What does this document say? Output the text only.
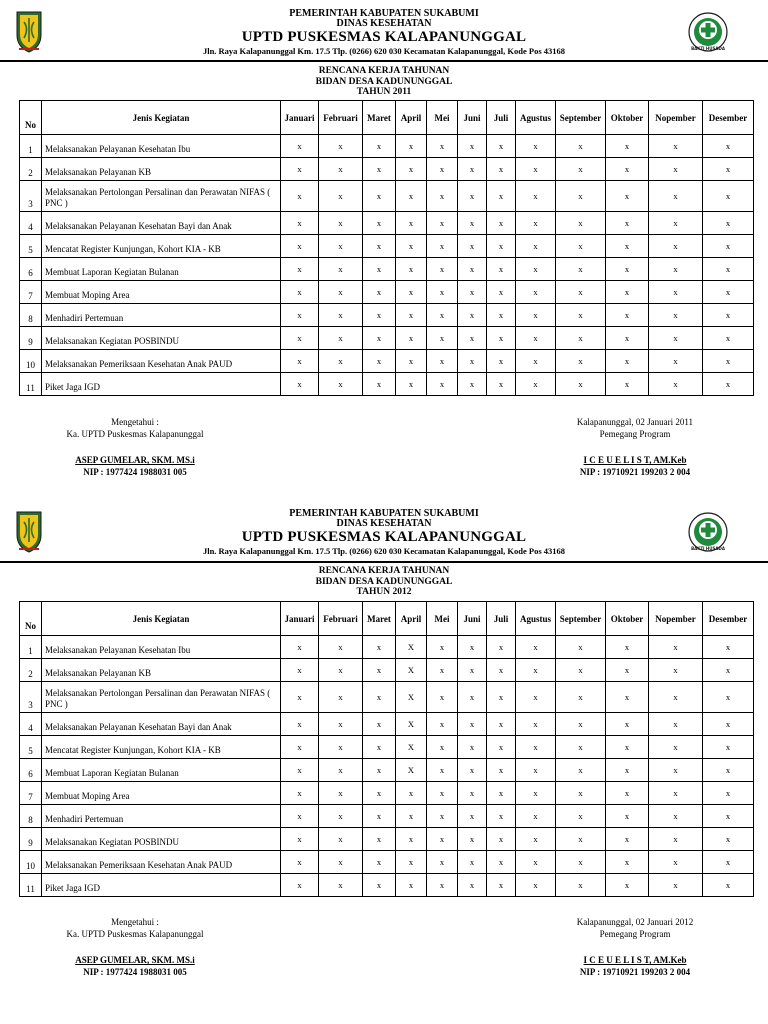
PEMERINTAH KABUPATEN SUKABUMI
DINAS KESEHATAN
UPTD PUSKESMAS KALAPANUNGGAL
Jln. Raya Kalapanunggal Km. 17.5 Tlp. (0266) 620 030 Kecamatan Kalapanunggal, Kode Pos 43168	BAKTI HUSADA
RENCANA KERJA TAHUNAN
BIDAN DESA KADUNUNGGAL
TAHUN 2011
No	Jenis Kegiatan	Januari	Februari	Maret	April	Mei	Juni	Juli	Agustus	September	Oktober	Nopember	Desember
1	Melaksanakan Pelayanan Kesehatan Ibu	x	x	x	x	x	x	x	x	x	x	x	x
2	Melaksanakan Pelayanan KB	x	x	x	x	x	x	x	x	x	x	x	x
3	Melaksanakan Pertolongan Persalinan dan Perawatan NIFAS ( PNC )	x	x	x	x	x	x	x	x	x	x	x	x
4	Melaksanakan Pelayanan Kesehatan Bayi dan Anak	x	x	x	x	x	x	x	x	x	x	x	x
5	Mencatat Register Kunjungan, Kohort KIA - KB	x	x	x	x	x	x	x	x	x	x	x	x
6	Membuat Laporan Kegiatan Bulanan	x	x	x	x	x	x	x	x	x	x	x	x
7	Membuat Moping Area	x	x	x	x	x	x	x	x	x	x	x	x
8	Menhadiri Pertemuan	x	x	x	x	x	x	x	x	x	x	x	x
9	Melaksanakan Kegiatan POSBINDU	x	x	x	x	x	x	x	x	x	x	x	x
10	Melaksanakan Pemeriksaan Kesehatan Anak PAUD	x	x	x	x	x	x	x	x	x	x	x	x
11	Piket Jaga IGD	x	x	x	x	x	x	x	x	x	x	x	x
Mengetahui :
Ka. UPTD Puskesmas Kalapanunggal
ASEP GUMELAR, SKM. MS.i
NIP : 1977424 1988031 005
Kalapanunggal, 02 Januari 2011
Pemegang Program
I C E U E L I S T, AM.Keb
NIP : 19710921 199203 2 004
PEMERINTAH KABUPATEN SUKABUMI
DINAS KESEHATAN
UPTD PUSKESMAS KALAPANUNGGAL
Jln. Raya Kalapanunggal Km. 17.5 Tlp. (0266) 620 030 Kecamatan Kalapanunggal, Kode Pos 43168	BAKTI HUSADA
RENCANA KERJA TAHUNAN
BIDAN DESA KADUNUNGGAL
TAHUN 2012
No	Jenis Kegiatan	Januari	Februari	Maret	April	Mei	Juni	Juli	Agustus	September	Oktober	Nopember	Desember
1	Melaksanakan Pelayanan Kesehatan Ibu	x	x	x	X	x	x	x	x	x	x	x	x
2	Melaksanakan Pelayanan KB	x	x	x	X	x	x	x	x	x	x	x	x
3	Melaksanakan Pertolongan Persalinan dan Perawatan NIFAS ( PNC )	x	x	x	X	x	x	x	x	x	x	x	x
4	Melaksanakan Pelayanan Kesehatan Bayi dan Anak	x	x	x	X	x	x	x	x	x	x	x	x
5	Mencatat Register Kunjungan, Kohort KIA - KB	x	x	x	X	x	x	x	x	x	x	x	x
6	Membuat Laporan Kegiatan Bulanan	x	x	x	X	x	x	x	x	x	x	x	x
7	Membuat Moping Area	x	x	x	x	x	x	x	x	x	x	x	x
8	Menhadiri Pertemuan	x	x	x	x	x	x	x	x	x	x	x	x
9	Melaksanakan Kegiatan POSBINDU	x	x	x	x	x	x	x	x	x	x	x	x
10	Melaksanakan Pemeriksaan Kesehatan Anak PAUD	x	x	x	x	x	x	x	x	x	x	x	x
11	Piket Jaga IGD	x	x	x	x	x	x	x	x	x	x	x	x
Mengetahui :
Ka. UPTD Puskesmas Kalapanunggal
ASEP GUMELAR, SKM. MS.i
NIP : 1977424 1988031 005
Kalapanunggal, 02 Januari 2012
Pemegang Program
I C E U E L I S T, AM.Keb
NIP : 19710921 199203 2 004
